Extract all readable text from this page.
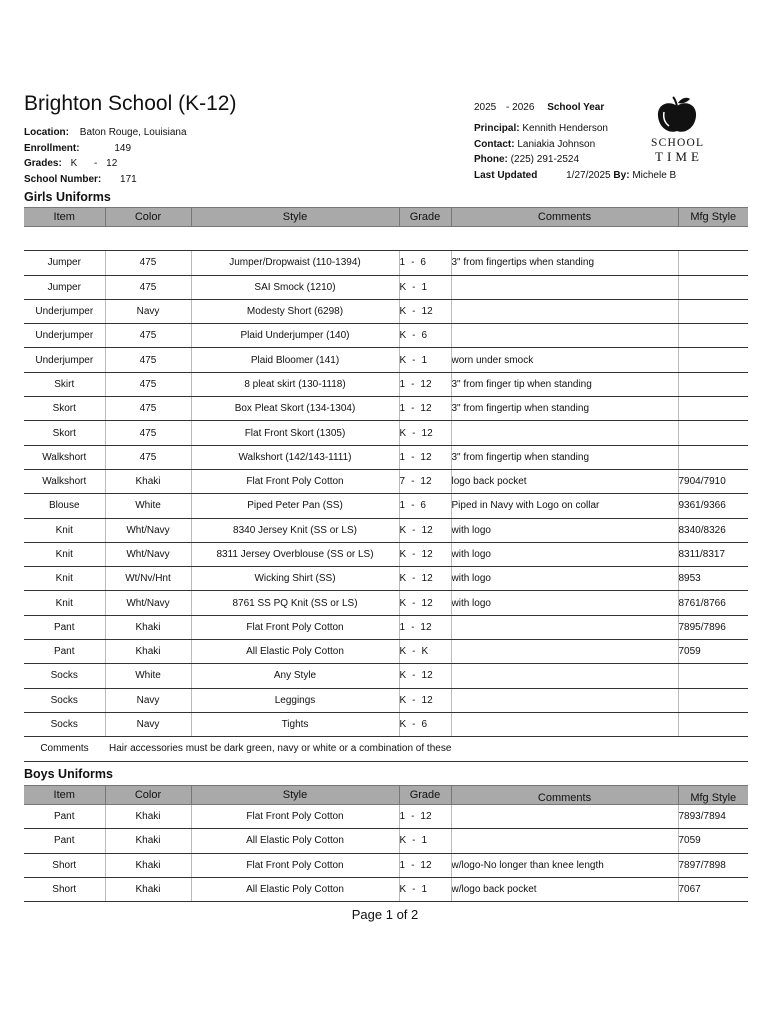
Brighton School (K-12)
Location: Baton Rouge, Louisiana
Enrollment:	149
Grades: K - 12
School Number: 171
2025 - 2026 School Year
Principal: Kennith Henderson
Contact: Laniakia Johnson
Phone: (225) 291-2524
Last Updated	1/27/2025 By: Michele B
SCHOOL
TIME
Girls Uniforms
Item	Color	Style	Grade	Comments	Mfg Style

Jumper	475	Jumper/Dropwaist (110-1394)	1 - 6	3" from fingertips when standing	
Jumper	475	SAI Smock (1210)	K - 1		
Underjumper	Navy	Modesty Short (6298)	K - 12		
Underjumper	475	Plaid Underjumper (140)	K - 6		
Underjumper	475	Plaid Bloomer (141)	K - 1	worn under smock	
Skirt	475	8 pleat skirt (130-1118)	1 - 12	3" from finger tip when standing	
Skort	475	Box Pleat Skort (134-1304)	1 - 12	3" from fingertip when standing	
Skort	475	Flat Front Skort (1305)	K - 12		
Walkshort	475	Walkshort (142/143-1111)	1 - 12	3" from fingertip when standing	
Walkshort	Khaki	Flat Front Poly Cotton	7 - 12	logo back pocket	7904/7910
Blouse	White	Piped Peter Pan (SS)	1 - 6	Piped in Navy with Logo on collar	9361/9366
Knit	Wht/Navy	8340 Jersey Knit (SS or LS)	K - 12	with logo	8340/8326
Knit	Wht/Navy	8311 Jersey Overblouse (SS or LS)	K - 12	with logo	8311/8317
Knit	Wt/Nv/Hnt	Wicking Shirt (SS)	K - 12	with logo	8953
Knit	Wht/Navy	8761 SS PQ Knit (SS or LS)	K - 12	with logo	8761/8766
Pant	Khaki	Flat Front Poly Cotton	1 - 12		7895/7896
Pant	Khaki	All Elastic Poly Cotton	K - K		7059
Socks	White	Any Style	K - 12		
Socks	Navy	Leggings	K - 12		
Socks	Navy	Tights	K - 6		
Comments	Hair accessories must be dark green, navy or white or a combination of these				
Boys Uniforms
Item	Color	Style	Grade	Comments	Mfg Style
Pant	Khaki	Flat Front Poly Cotton	1 - 12		7893/7894
Pant	Khaki	All Elastic Poly Cotton	K - 1		7059
Short	Khaki	Flat Front Poly Cotton	1 - 12	w/logo-No longer than knee length	7897/7898
Short	Khaki	All Elastic Poly Cotton	K - 1	w/logo back pocket	7067
Page 1 of 2
